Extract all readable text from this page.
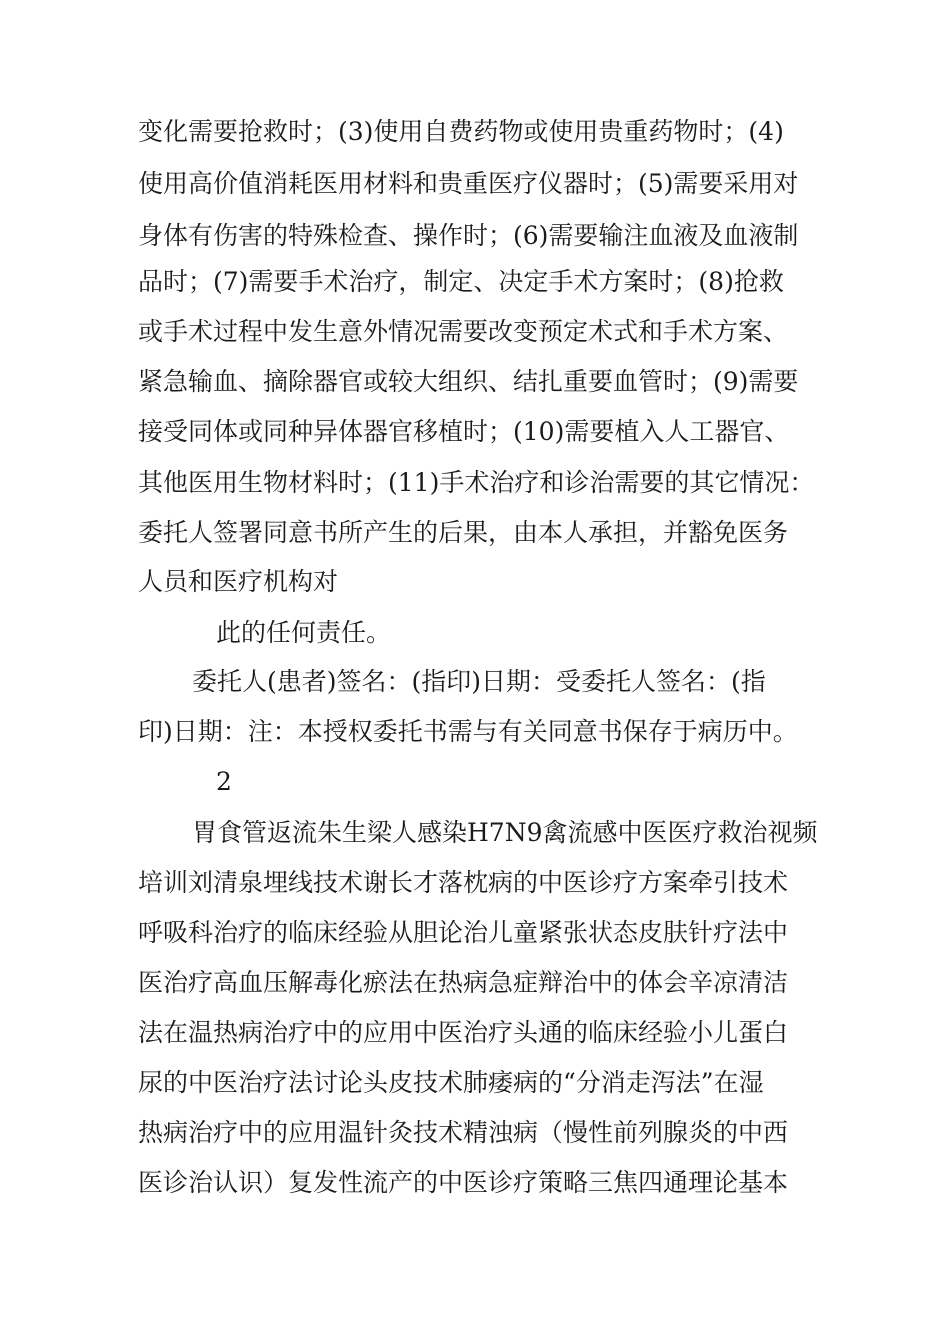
变化需要抢救时；(3)使用自费药物或使用贵重药物时；(4)

使用高价值消耗医用材料和贵重医疗仪器时；(5)需要采用对

身体有伤害的特殊检查、操作时；(6)需要输注血液及血液制

品时；(7)需要手术治疗，制定、决定手术方案时；(8)抢救

或手术过程中发生意外情况需要改变预定术式和手术方案、

紧急输血、摘除器官或较大组织、结扎重要血管时；(9)需要

接受同体或同种异体器官移植时；(10)需要植入人工器官、

其他医用生物材料时；(11)手术治疗和诊治需要的其它情况：

委托人签署同意书所产生的后果，由本人承担，并豁免医务

人员和医疗机构对

此的任何责任。

委托人(患者)签名：(指印)日期：受委托人签名：(指

印)日期：注：本授权委托书需与有关同意书保存于病历中。

2

胃食管返流朱生梁人感染H7N9禽流感中医医疗救治视频

培训刘清泉埋线技术谢长才落枕病的中医诊疗方案牵引技术

呼吸科治疗的临床经验从胆论治儿童紧张状态皮肤针疗法中

医治疗高血压解毒化瘀法在热病急症辩治中的体会辛凉清洁

法在温热病治疗中的应用中医治疗头通的临床经验小儿蛋白

尿的中医治疗法讨论头皮技术肺痿病的“分消走泻法”在湿

热病治疗中的应用温针灸技术精浊病（慢性前列腺炎的中西

医诊治认识）复发性流产的中医诊疗策略三焦四通理论基本
